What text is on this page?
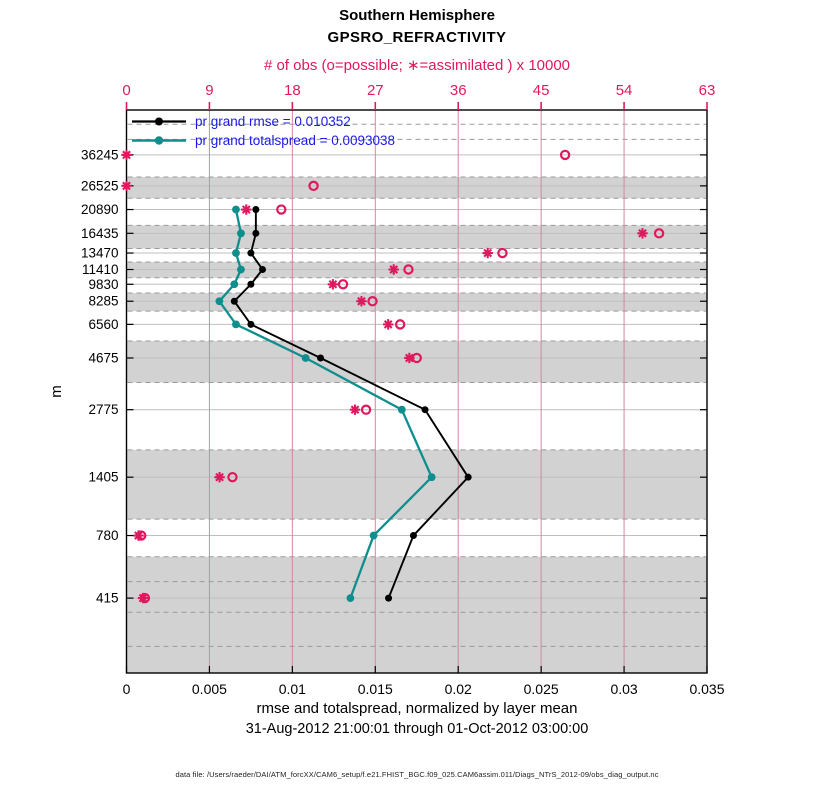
Southern Hemisphere
GPSRO_REFRACTIVITY
# of obs (o=possible; ∗=assimilated ) x 10000
0	0.005	0.01	0.015	0.02	0.025	0.03	0.035
0	9	18	27	36	45	54	63
36245
26525
20890
16435
13470
11410
9830
8285
6560
4675
2775
1405
780
415
pr grand rmse = 0.010352
pr grand totalspread = 0.0093038
m
rmse and totalspread, normalized by layer mean
31-Aug-2012 21:00:01 through 01-Oct-2012 03:00:00
data file: /Users/raeder/DAI/ATM_forcXX/CAM6_setup/f.e21.FHIST_BGC.f09_025.CAM6assim.011/Diags_NTrS_2012-09/obs_diag_output.nc
